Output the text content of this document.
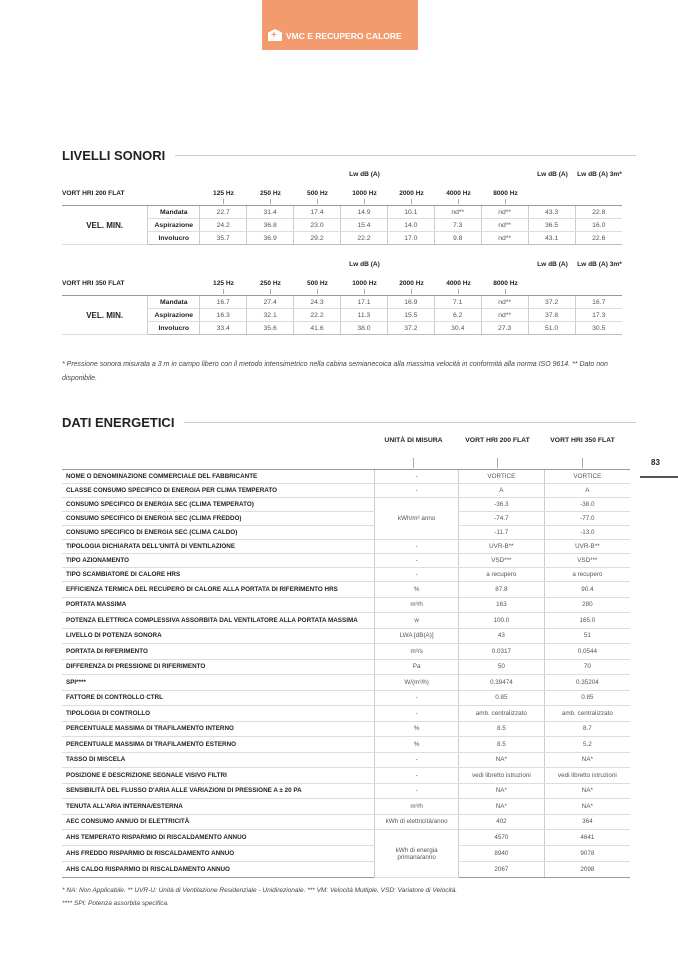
+
VMC E RECUPERO CALORE
83
LIVELLI SONORI
VORT HRI 200 FLAT
Lw dB (A)
125 Hz	250 Hz	500 Hz	1000 Hz	2000 Hz	4000 Hz	8000 Hz
Lw dB (A)	Lw dB (A) 3m*
VEL. MIN.	Mandata	22.7	31.4	17.4	14.9	10.1	nd**	nd**	43.3	22.8
	Aspirazione	24.2	36.8	23.0	15.4	14.0	7.3	nd**	36.5	16.0
	Involucro	35.7	36.9	29.2	22.2	17.0	9.8	nd**	43.1	22.6
VORT HRI 350 FLAT
Lw dB (A)
125 Hz	250 Hz	500 Hz	1000 Hz	2000 Hz	4000 Hz	8000 Hz
Lw dB (A)	Lw dB (A) 3m*
VEL. MIN.	Mandata	16.7	27.4	24.3	17.1	16.9	7.1	nd**	37.2	16.7
	Aspirazione	16.3	32.1	22.2	11.3	15.5	6.2	nd**	37.8	17.3
	Involucro	33.4	35.6	41.6	38.0	37.2	30.4	27.3	51.0	30.5
* Pressione sonora misurata a 3 m in campo libero con il metodo intensimetrico nella cabina semianecoica alla massima velocità in conformità alla norma ISO 9614. ** Dato non disponibile.
DATI ENERGETICI
UNITÀ DI MISURA	VORT HRI 200 FLAT	VORT HRI 350 FLAT
NOME O DENOMINAZIONE COMMERCIALE DEL FABBRICANTE	-	VORTICE	VORTICE
CLASSE CONSUMO SPECIFICO DI ENERGIA PER CLIMA TEMPERATO	-	A	A
CONSUMO SPECIFICO DI ENERGIA SEC (CLIMA TEMPERATO)	kWh/m² anno	-36.3	-38.0
CONSUMO SPECIFICO DI ENERGIA SEC (CLIMA FREDDO)		-74.7	-77.0
CONSUMO SPECIFICO DI ENERGIA SEC (CLIMA CALDO)		-11.7	-13.0
TIPOLOGIA DICHIARATA DELL'UNITÀ DI VENTILAZIONE	-	UVR-B**	UVR-B**
TIPO AZIONAMENTO	-	VSD***	VSD***
TIPO SCAMBIATORE DI CALORE HRS	-	a recupero	a recupero
EFFICIENZA TERMICA DEL RECUPERO DI CALORE ALLA PORTATA DI RIFERIMENTO HRS	%	87.8	90.4
PORTATA MASSIMA	m³/h	163	280
POTENZA ELETTRICA COMPLESSIVA ASSORBITA DAL VENTILATORE ALLA PORTATA MASSIMA	w	100.0	165.0
LIVELLO DI POTENZA SONORA	LWA [dB(A)]	43	51
PORTATA DI RIFERIMENTO	m³/s	0.0317	0.0544
DIFFERENZA DI PRESSIONE DI RIFERIMENTO	Pa	50	70
SPI****	W/(m³/h)	0.39474	0.35204
FATTORE DI CONTROLLO CTRL	-	0.85	0.85
TIPOLOGIA DI CONTROLLO	-	amb. centralizzato	amb. centralizzato
PERCENTUALE MASSIMA DI TRAFILAMENTO INTERNO	%	8.5	8.7
PERCENTUALE MASSIMA DI TRAFILAMENTO ESTERNO	%	8.5	5.2
TASSO DI MISCELA	-	NA*	NA*
POSIZIONE E DESCRIZIONE SEGNALE VISIVO FILTRI	-	vedi libretto istruzioni	vedi libretto istruzioni
SENSIBILITÀ DEL FLUSSO D'ARIA ALLE VARIAZIONI DI PRESSIONE A ± 20 PA	-	NA*	NA*
TENUTA ALL'ARIA INTERNA/ESTERNA	m³/h	NA*	NA*
AEC CONSUMO ANNUO DI ELETTRICITÀ	kWh di elettricità/anno	402	364
AHS TEMPERATO RISPARMIO DI RISCALDAMENTO ANNUO	kWh di energia primaria/anno	4570	4641
AHS FREDDO RISPARMIO DI RISCALDAMENTO ANNUO		8940	9078
AHS CALDO RISPARMIO DI RISCALDAMENTO ANNUO		2067	2098
* NA: Non Applicabile. ** UVR-U: Unità di Ventilazione Residenziale - Unidirezionale. *** VM: Velocità Multiple. VSD: Variatore di Velocità.
**** SPI: Potenza assorbita specifica.
